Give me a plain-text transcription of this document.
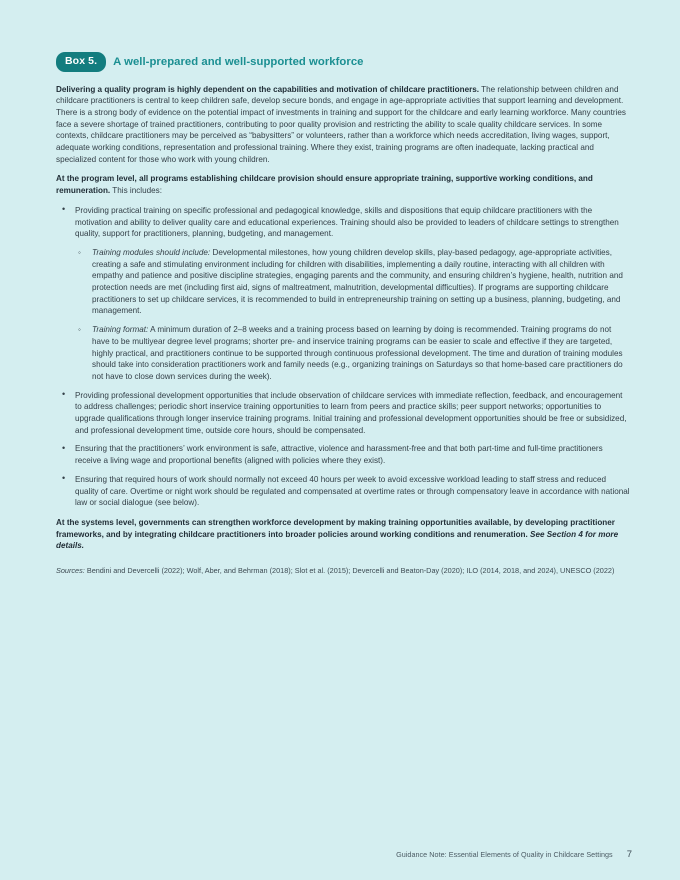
Box 5.	A well-prepared and well-supported workforce

Delivering a quality program is highly dependent on the capabilities and motivation of childcare practitioners. The relationship between children and childcare practitioners is central to keep children safe, develop secure bonds, and engage in age-appropriate activities that support learning and development. There is a strong body of evidence on the potential impact of investments in training and support for the childcare and early learning workforce. Many countries face a severe shortage of trained practitioners, contributing to poor quality provision and restricting the ability to scale quality childcare services. In some contexts, childcare practitioners may be perceived as “babysitters” or volunteers, rather than a workforce which needs accreditation, living wages, support, adequate working conditions, representation and professional training. Where they exist, training programs are often inadequate, lacking practical and specialized content for those who work with young children.

At the program level, all programs establishing childcare provision should ensure appropriate training, supportive working conditions, and remuneration. This includes:

• Providing practical training on specific professional and pedagogical knowledge, skills and dispositions that equip childcare practitioners with the motivation and ability to deliver quality care and educational experiences. Training should also be provided to leaders of childcare settings to strengthen quality, support for practitioners, planning, budgeting, and management.
◦ Training modules should include: Developmental milestones, how young children develop skills, play-based pedagogy, age-appropriate activities, creating a safe and stimulating environment including for children with disabilities, implementing a daily routine, interacting with all children with empathy and patience and positive discipline strategies, engaging parents and the community, and ensuring children’s hygiene, health, nutrition and protection needs are met (including first aid, signs of maltreatment, malnutrition, developmental difficulties). If programs are supporting childcare practitioners to set up childcare services, it is recommended to build in entrepreneurship training on setting up a business, planning, budgeting, and management.
◦ Training format: A minimum duration of 2–8 weeks and a training process based on learning by doing is recommended. Training programs do not have to be multiyear degree level programs; shorter pre- and inservice training programs can be easier to scale and effective if they are targeted, highly practical, and practitioners continue to be supported through continuous professional development. The time and duration of training modules should take into consideration practitioners work and family needs (e.g., organizing trainings on Saturdays so that home-based care practitioners do not have to close down services during the week).
• Providing professional development opportunities that include observation of childcare services with immediate reflection, feedback, and encouragement to address challenges; periodic short inservice training opportunities to learn from peers and practice skills; peer support networks; opportunities to upgrade qualifications through longer inservice training programs. Initial training and professional development opportunities should be free or subsidized, and professional development time, outside core hours, should be compensated.
• Ensuring that the practitioners’ work environment is safe, attractive, violence and harassment-free and that both part-time and full-time practitioners receive a living wage and proportional benefits (aligned with policies where they exist).
• Ensuring that required hours of work should normally not exceed 40 hours per week to avoid excessive workload leading to staff stress and reduced quality of care. Overtime or night work should be regulated and compensated at overtime rates or through compensatory leave in accordance with national law or social dialogue (see below).

At the systems level, governments can strengthen workforce development by making training opportunities available, by developing practitioner frameworks, and by integrating childcare practitioners into broader policies around working conditions and renumeration. See Section 4 for more details.

Sources: Bendini and Devercelli (2022); Wolf, Aber, and Behrman (2018); Slot et al. (2015); Devercelli and Beaton-Day (2020); ILO (2014, 2018, and 2024), UNESCO (2022)

Guidance Note: Essential Elements of Quality in Childcare Settings 7
